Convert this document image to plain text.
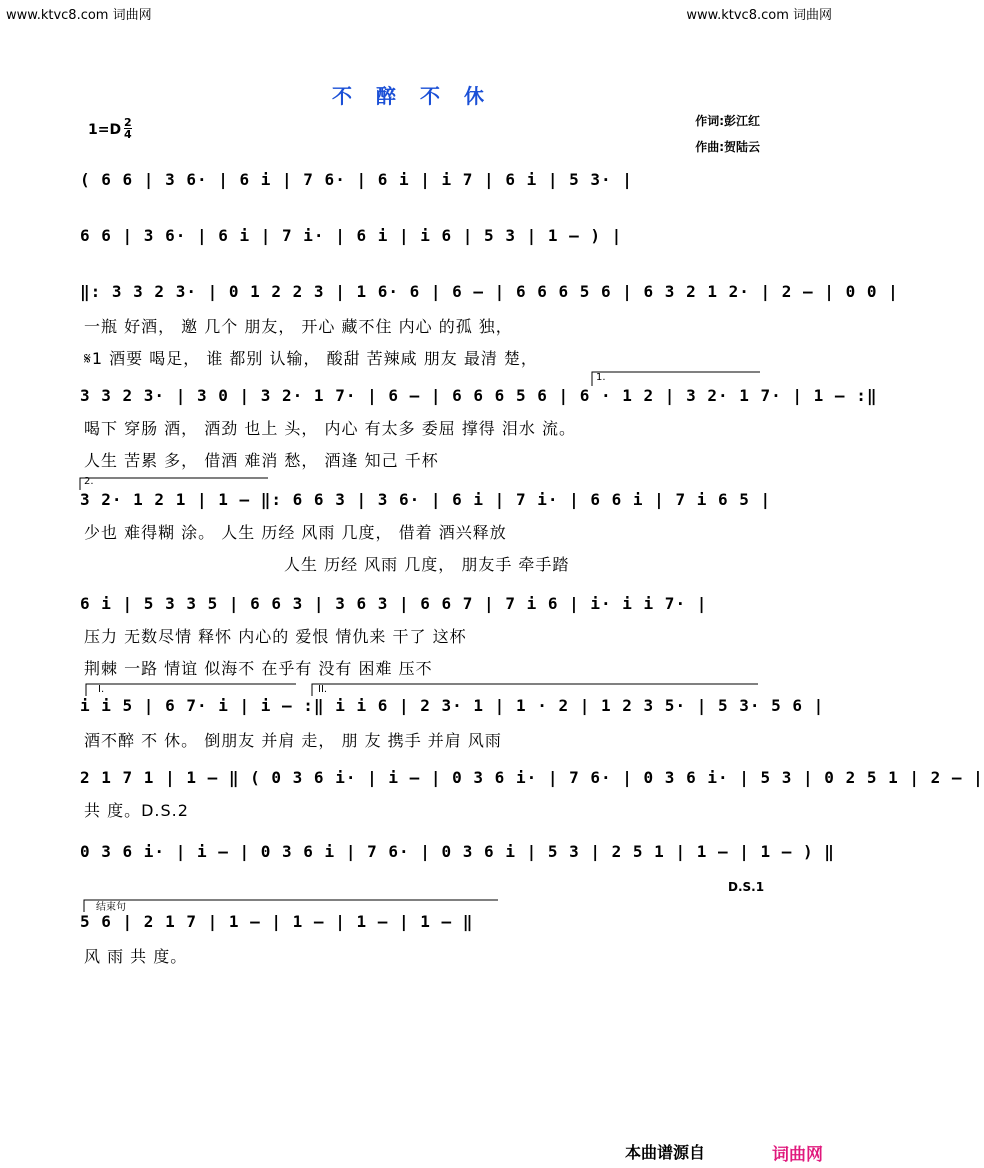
www.ktvc8.com 词曲网	www.ktvc8.com 词曲网
不醉不休
1=D 2
4
作词:彭江红
作曲:贺陆云
( 6 6 | 3 6· | 6 i | 7 6· | 6 i | i 7 | 6 i | 5 3· |
6 6 | 3 6· | 6 i | 7 i· | 6 i | i 6 | 5 3 | 1 — ) |
‖: 3 3 2 3· | 0 1 2 2 3 | 1 6· 6 | 6 — | 6 6 6 5 6 | 6 3 2 1 2· | 2 — | 0 0 |
一瓶 好酒， 邀 几个 朋友， 开心 藏不住 内心 的孤 独，
𝄋1 酒要 喝足， 谁 都别 认输， 酸甜 苦辣咸 朋友 最清 楚，
3 3 2 3· | 3 0 | 3 2· 1 7· | 6 — | 6 6 6 5 6 | 6 · 1 2 | 3 2· 1 7· | 1 — :‖
喝下 穿肠 酒， 酒劲 也上 头， 内心 有太多 委屈 撑得 泪水 流。
人生 苦累 多， 借酒 难消 愁， 酒逢 知己 千杯
2.
1.
3 2· 1 2 1 | 1 — ‖: 6 6 3 | 3 6· | 6 i | 7 i· | 6 6 i | 7 i 6 5 |
少也 难得糊 涂。 人生 历经 风雨 几度， 借着 酒兴释放
人生 历经 风雨 几度， 朋友手 牵手踏
6 i | 5 3 3 5 | 6 6 3 | 3 6 3 | 6 6 7 | 7 i 6 | i· i i 7· |
压力 无数尽情 释怀 内心的 爱恨 情仇来 干了 这杯
荆棘 一路 情谊 似海不 在乎有 没有 困难 压不
I.	II.
i i 5 | 6 7· i | i — :‖ i i 6 | 2 3· 1 | 1 · 2 | 1 2 3 5· | 5 3· 5 6 |
酒不醉 不 休。 倒朋友 并肩 走， 朋 友 携手 并肩 风雨
2 1 7 1 | 1 — ‖ ( 0 3 6 i· | i — | 0 3 6 i· | 7 6· | 0 3 6 i· | 5 3 | 0 2 5 1 | 2 — |
共 度。D.S.2
0 3 6 i· | i — | 0 3 6 i | 7 6· | 0 3 6 i | 5 3 | 2 5 1 | 1 — | 1 — ) ‖
D.S.1
结束句
5 6 | 2 1 7 | 1 — | 1 — | 1 — | 1 — ‖
风 雨 共 度。
本曲谱源自	词曲网
